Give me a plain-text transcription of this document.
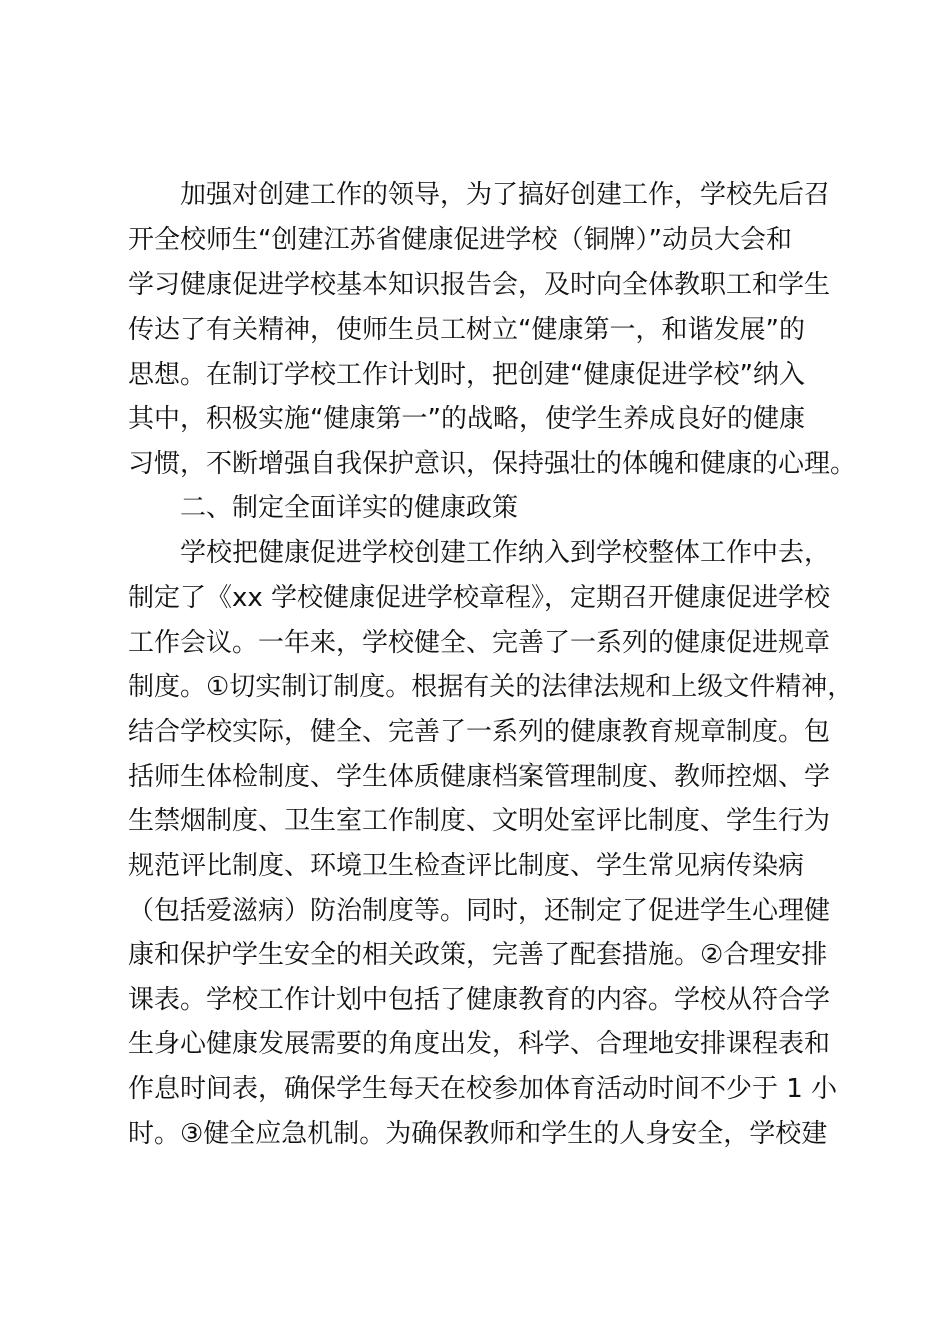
加强对创建工作的领导，为了搞好创建工作，学校先后召
开全校师生“创建江苏省健康促进学校（铜牌）”动员大会和
学习健康促进学校基本知识报告会，及时向全体教职工和学生
传达了有关精神，使师生员工树立“健康第一，和谐发展”的
思想。在制订学校工作计划时，把创建“健康促进学校”纳入
其中，积极实施“健康第一”的战略，使学生养成良好的健康
习惯，不断增强自我保护意识，保持强壮的体魄和健康的心理。
二、制定全面详实的健康政策
学校把健康促进学校创建工作纳入到学校整体工作中去，
制定了《xx 学校健康促进学校章程》，定期召开健康促进学校
工作会议。一年来，学校健全、完善了一系列的健康促进规章
制度。①切实制订制度。根据有关的法律法规和上级文件精神，
结合学校实际，健全、完善了一系列的健康教育规章制度。包
括师生体检制度、学生体质健康档案管理制度、教师控烟、学
生禁烟制度、卫生室工作制度、文明处室评比制度、学生行为
规范评比制度、环境卫生检查评比制度、学生常见病传染病
（包括爱滋病）防治制度等。同时，还制定了促进学生心理健
康和保护学生安全的相关政策，完善了配套措施。②合理安排
课表。学校工作计划中包括了健康教育的内容。学校从符合学
生身心健康发展需要的角度出发，科学、合理地安排课程表和
作息时间表，确保学生每天在校参加体育活动时间不少于 1 小
时。③健全应急机制。为确保教师和学生的人身安全，学校建
